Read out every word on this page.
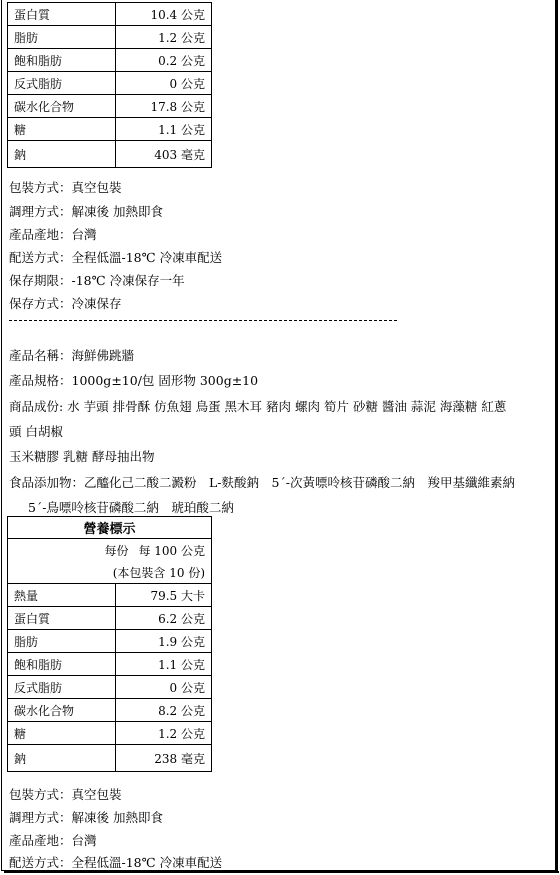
蛋白質	10.4 公克
脂肪	1.2 公克
飽和脂肪	0.2 公克
反式脂肪	0 公克
碳水化合物	17.8 公克
糖	1.1 公克
鈉	403 毫克
包裝方式：真空包裝
調理方式：解凍後 加熱即食
產品產地：台灣
配送方式：全程低溫-18℃ 冷凍車配送
保存期限：-18℃ 冷凍保存一年
保存方式：冷凍保存
產品名稱：海鮮佛跳牆
產品規格：1000g±10/包 固形物 300g±10
商品成份: 水 芋頭 排骨酥 仿魚翅 鳥蛋 黑木耳 豬肉 螺肉 筍片 砂糖 醬油 蒜泥 海藻糖 紅蔥
頭 白胡椒
玉米糖膠 乳糖 酵母抽出物
食品添加物：乙醯化己二酸二澱粉　L-麩酸鈉　5΄-次黃嘌呤核苷磷酸二納　羧甲基纖維素納
5΄-鳥嘌呤核苷磷酸二納　琥珀酸二納
營養標示	
每份 每 100 公克	
(本包裝含 10 份)	
熱量	79.5 大卡
蛋白質	6.2 公克
脂肪	1.9 公克
飽和脂肪	1.1 公克
反式脂肪	0 公克
碳水化合物	8.2 公克
糖	1.2 公克
鈉	238 毫克
包裝方式：真空包裝
調理方式：解凍後 加熱即食
產品產地：台灣
配送方式：全程低溫-18℃ 冷凍車配送
